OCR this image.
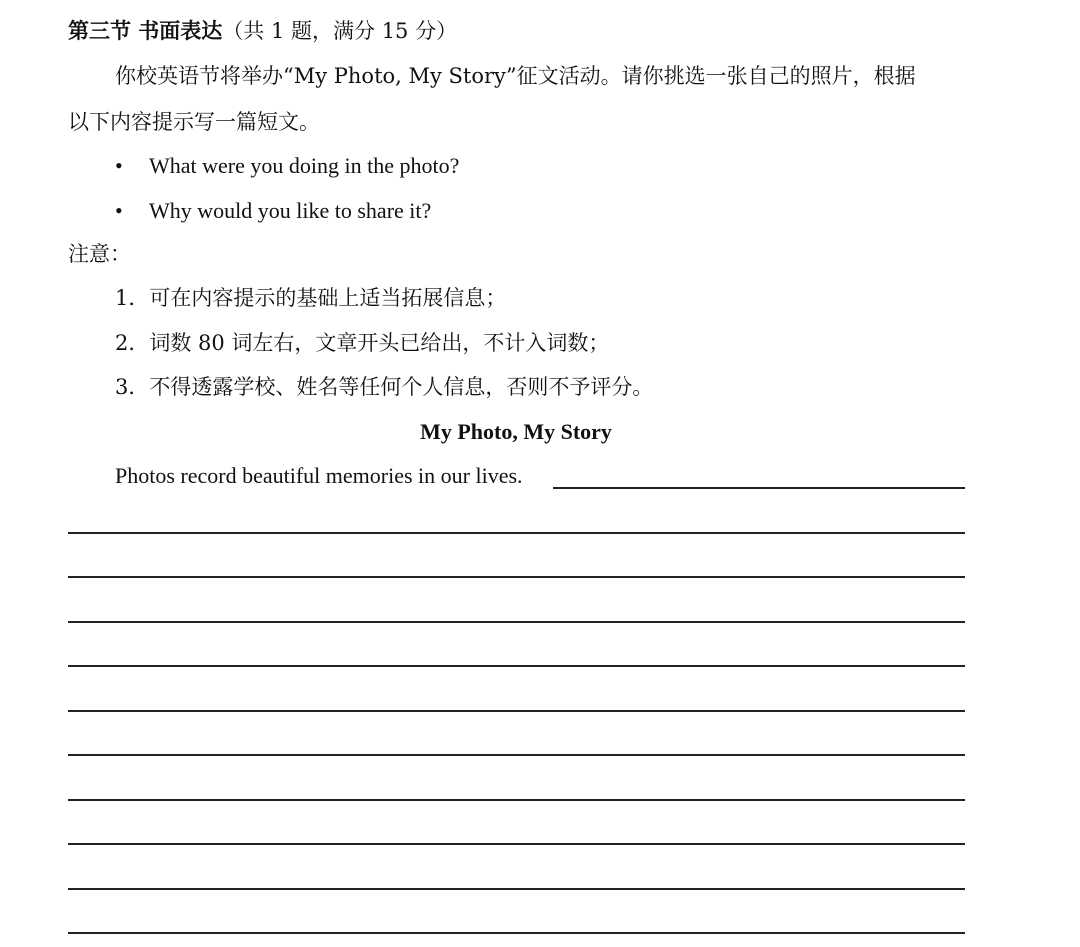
第三节 书面表达（共 1 题，满分 15 分）
你校英语节将举办“My Photo, My Story”征文活动。请你挑选一张自己的照片，根据
以下内容提示写一篇短文。
• What were you doing in the photo?
• Why would you like to share it?
注意：
1．可在内容提示的基础上适当拓展信息；
2．词数 80 词左右，文章开头已给出，不计入词数；
3．不得透露学校、姓名等任何个人信息，否则不予评分。
My Photo, My Story
Photos record beautiful memories in our lives.
